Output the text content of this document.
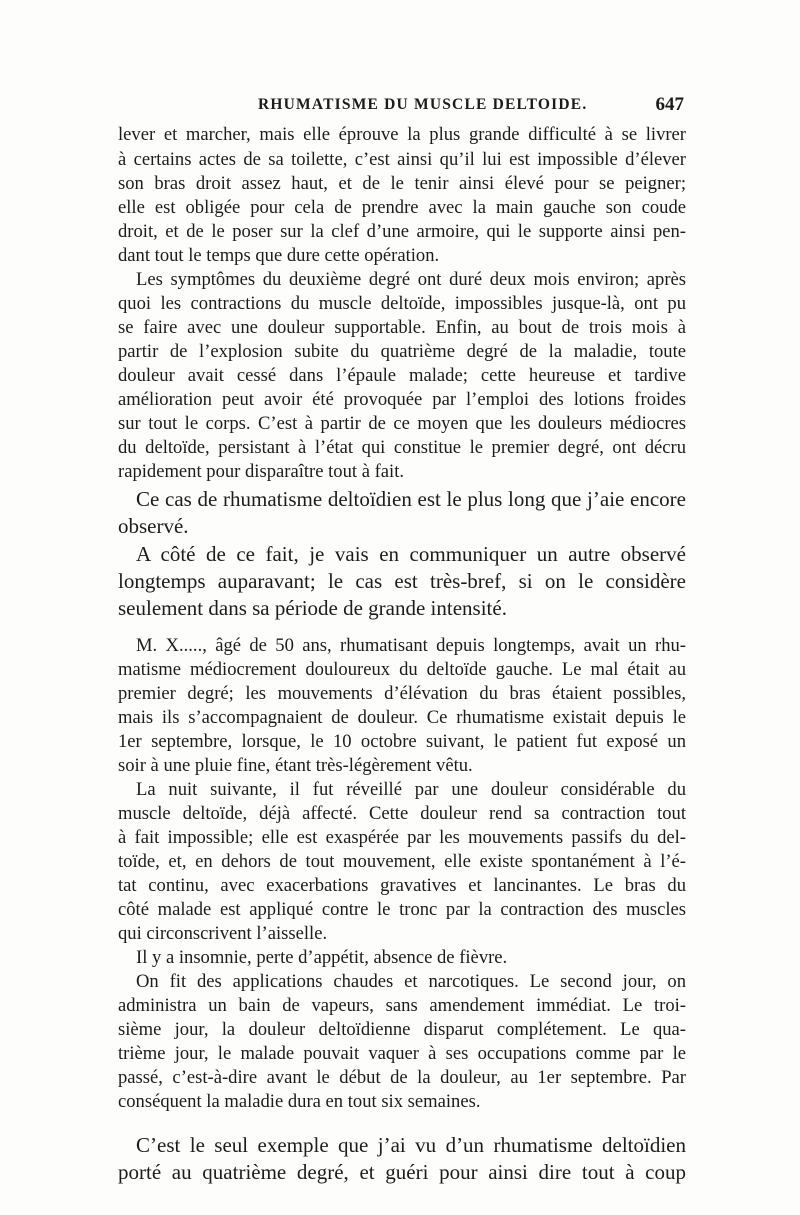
RHUMATISME DU MUSCLE DELTOIDE.	647

lever et marcher, mais elle éprouve la plus grande difficulté à se livrer

à certains actes de sa toilette, c’est ainsi qu’il lui est impossible d’élever

son bras droit assez haut, et de le tenir ainsi élevé pour se peigner;

elle est obligée pour cela de prendre avec la main gauche son coude

droit, et de le poser sur la clef d’une armoire, qui le supporte ainsi pen-

dant tout le temps que dure cette opération.

Les symptômes du deuxième degré ont duré deux mois environ; après

quoi les contractions du muscle deltoïde, impossibles jusque-là, ont pu

se faire avec une douleur supportable. Enfin, au bout de trois mois à

partir de l’explosion subite du quatrième degré de la maladie, toute

douleur avait cessé dans l’épaule malade; cette heureuse et tardive

amélioration peut avoir été provoquée par l’emploi des lotions froides

sur tout le corps. C’est à partir de ce moyen que les douleurs médiocres

du deltoïde, persistant à l’état qui constitue le premier degré, ont décru

rapidement pour disparaître tout à fait.

Ce cas de rhumatisme deltoïdien est le plus long que j’aie encore

observé.

A côté de ce fait, je vais en communiquer un autre observé

longtemps auparavant; le cas est très-bref, si on le considère

seulement dans sa période de grande intensité.

M. X....., âgé de 50 ans, rhumatisant depuis longtemps, avait un rhu-

matisme médiocrement douloureux du deltoïde gauche. Le mal était au

premier degré; les mouvements d’élévation du bras étaient possibles,

mais ils s’accompagnaient de douleur. Ce rhumatisme existait depuis le

1er septembre, lorsque, le 10 octobre suivant, le patient fut exposé un

soir à une pluie fine, étant très-légèrement vêtu.

La nuit suivante, il fut réveillé par une douleur considérable du

muscle deltoïde, déjà affecté. Cette douleur rend sa contraction tout

à fait impossible; elle est exaspérée par les mouvements passifs du del-

toïde, et, en dehors de tout mouvement, elle existe spontanément à l’é-

tat continu, avec exacerbations gravatives et lancinantes. Le bras du

côté malade est appliqué contre le tronc par la contraction des muscles

qui circonscrivent l’aisselle.

Il y a insomnie, perte d’appétit, absence de fièvre.

On fit des applications chaudes et narcotiques. Le second jour, on

administra un bain de vapeurs, sans amendement immédiat. Le troi-

sième jour, la douleur deltoïdienne disparut complétement. Le qua-

trième jour, le malade pouvait vaquer à ses occupations comme par le

passé, c’est-à-dire avant le début de la douleur, au 1er septembre. Par

conséquent la maladie dura en tout six semaines.

C’est le seul exemple que j’ai vu d’un rhumatisme deltoïdien

porté au quatrième degré, et guéri pour ainsi dire tout à coup
